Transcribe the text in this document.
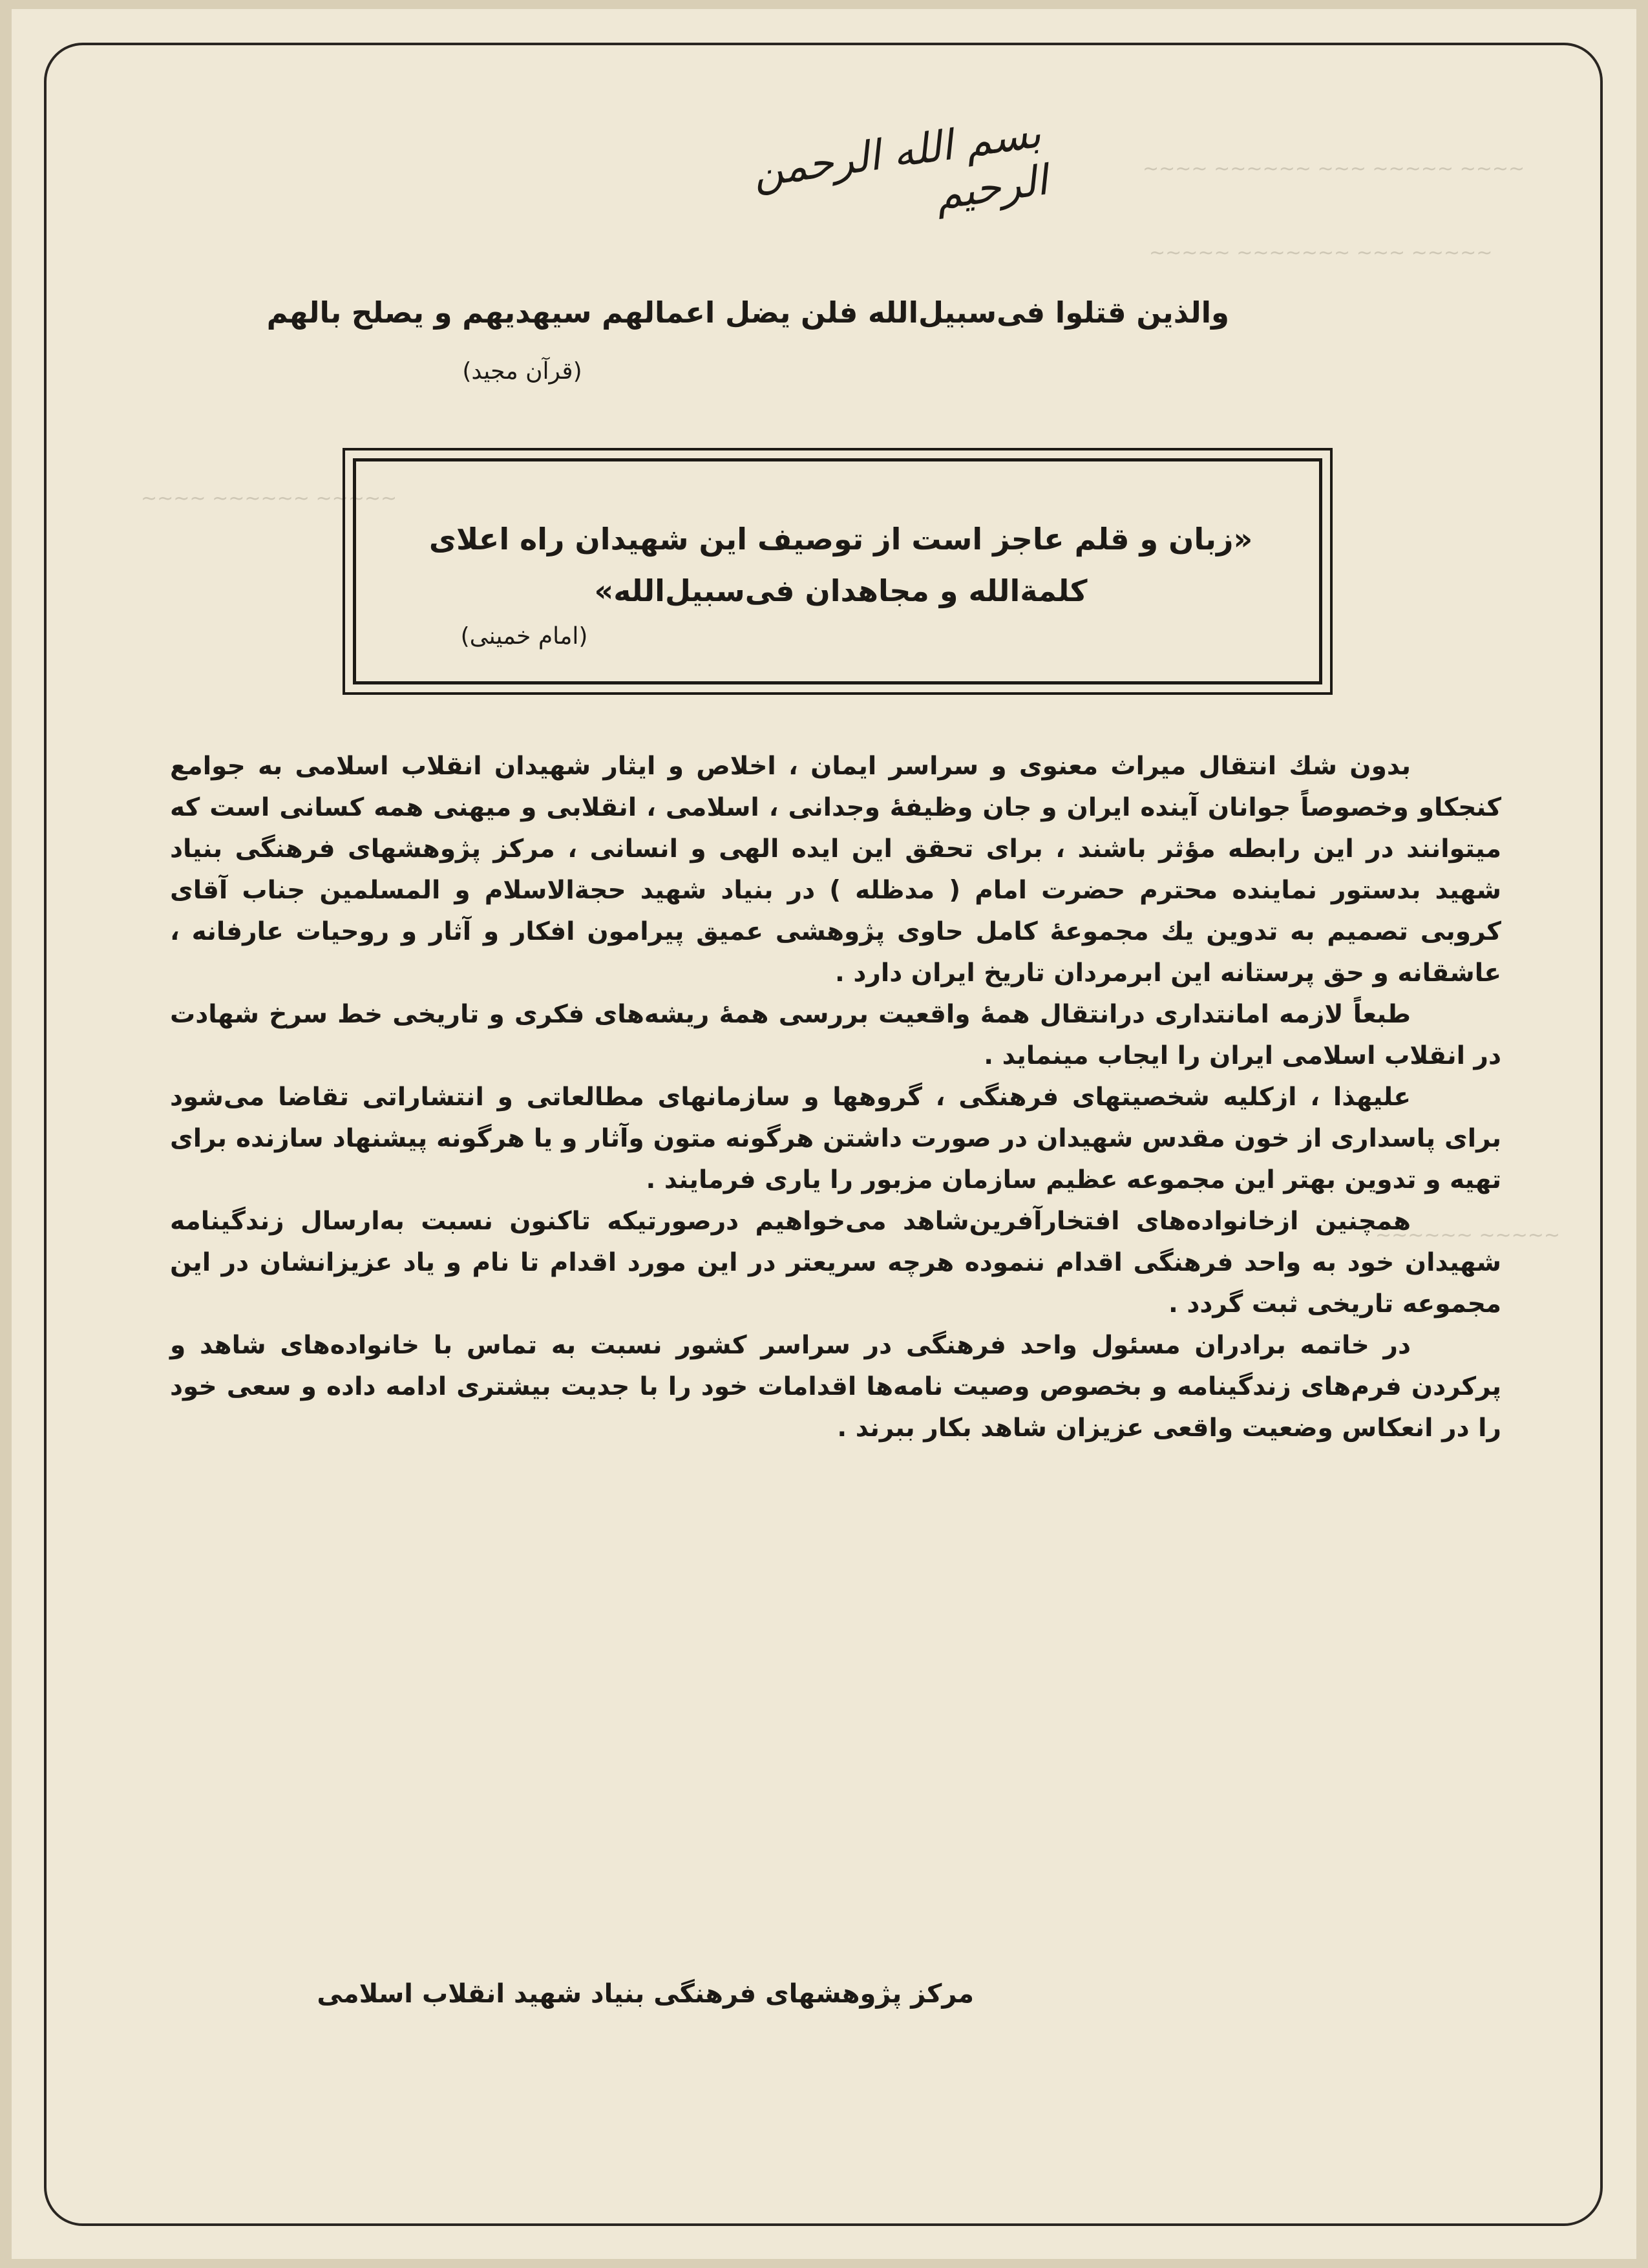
~~~~ ~~~~~ ~~~ ~~~~~~ ~~~~
~~~~~ ~~~ ~~~~~~~ ~~~~~
~~~~~ ~~~~~~ ~~~~
~~~~~ ~~~~~~
بسم الله الرحمن الرحیم
والذین قتلوا فی‌سبیل‌الله فلن یضل اعمالهم سیهدیهم و یصلح بالهم
(قرآن مجید)
«زبان و قلم عاجز است از توصیف این شهیدان راه اعلای کلمة‌الله و مجاهدان فی‌سبیل‌الله»
(امام خمینی)

بدون شك انتقال میراث معنوی و سراسر ایمان ، اخلاص و ایثار شهیدان انقلاب اسلامی به جوامع كنجكاو وخصوصاً جوانان آینده ایران و جان وظیفهٔ وجدانی ، اسلامی ، انقلابی و میهنی همه كسانی است كه میتوانند در این رابطه مؤثر باشند ، برای تحقق این ایده الهی و انسانی ، مركز پژوهشهای فرهنگی بنیاد شهید بدستور نماینده محترم حضرت امام ( مدظله ) در بنیاد شهید حجةالاسلام و المسلمین جناب آقای كروبی تصمیم به تدوین یك مجموعهٔ كامل حاوی پژوهشی عمیق پیرامون افكار و آثار و روحیات عارفانه ، عاشقانه و حق پرستانه این ابرمردان تاریخ ایران دارد .

طبعاً لازمه امانتداری درانتقال همهٔ واقعیت بررسی همهٔ ریشه‌های فكری و تاریخی خط سرخ شهادت در انقلاب اسلامی ایران را ایجاب مینماید .

علیهذا ، ازكلیه شخصیتهای فرهنگی ، گروهها و سازمانهای مطالعاتی و انتشاراتی تقاضا می‌شود برای پاسداری از خون مقدس شهیدان در صورت داشتن هرگونه متون وآثار و یا هرگونه پیشنهاد سازنده برای تهیه و تدوین بهتر این مجموعه عظیم سازمان مزبور را یاری فرمایند .

همچنین ازخانواده‌های افتخارآفرین‌شاهد می‌خواهیم درصورتیكه تاكنون نسبت به‌ارسال زندگینامه شهیدان خود به واحد فرهنگی اقدام ننموده هرچه سریعتر در این مورد اقدام تا نام و یاد عزیزانشان در این مجموعه تاریخی ثبت گردد .

در خاتمه برادران مسئول واحد فرهنگی در سراسر كشور نسبت به تماس با خانواده‌های شاهد و پركردن فرم‌های زندگینامه و بخصوص وصیت نامه‌ها اقدامات خود را با جدیت بیشتری ادامه داده و سعی خود را در انعكاس وضعیت واقعی عزیزان شاهد بكار ببرند .

مركز پژوهشهای فرهنگی بنیاد شهید انقلاب اسلامی
